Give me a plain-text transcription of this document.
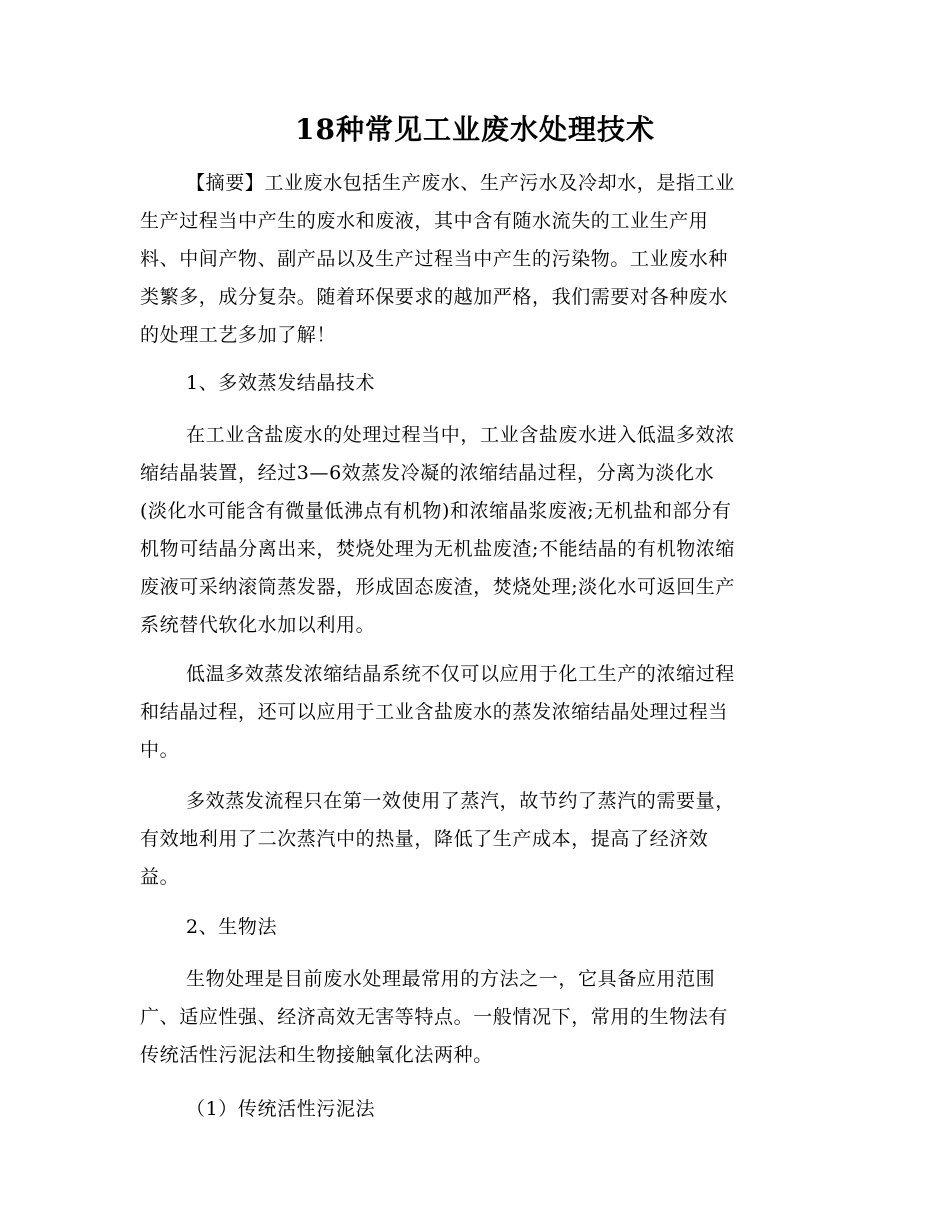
18种常见工业废水处理技术
【摘要】工业废水包括生产废水、生产污水及冷却水，是指工业
生产过程当中产生的废水和废液，其中含有随水流失的工业生产用
料、中间产物、副产品以及生产过程当中产生的污染物。工业废水种
类繁多，成分复杂。随着环保要求的越加严格，我们需要对各种废水
的处理工艺多加了解！
1、多效蒸发结晶技术
在工业含盐废水的处理过程当中，工业含盐废水进入低温多效浓
缩结晶装置，经过3—6效蒸发冷凝的浓缩结晶过程，分离为淡化水
(淡化水可能含有微量低沸点有机物)和浓缩晶浆废液;无机盐和部分有
机物可结晶分离出来，焚烧处理为无机盐废渣;不能结晶的有机物浓缩
废液可采纳滚筒蒸发器，形成固态废渣，焚烧处理;淡化水可返回生产
系统替代软化水加以利用。
低温多效蒸发浓缩结晶系统不仅可以应用于化工生产的浓缩过程
和结晶过程，还可以应用于工业含盐废水的蒸发浓缩结晶处理过程当
中。
多效蒸发流程只在第一效使用了蒸汽，故节约了蒸汽的需要量，
有效地利用了二次蒸汽中的热量，降低了生产成本，提高了经济效
益。
2、生物法
生物处理是目前废水处理最常用的方法之一，它具备应用范围
广、适应性强、经济高效无害等特点。一般情况下，常用的生物法有
传统活性污泥法和生物接触氧化法两种。
（1）传统活性污泥法
